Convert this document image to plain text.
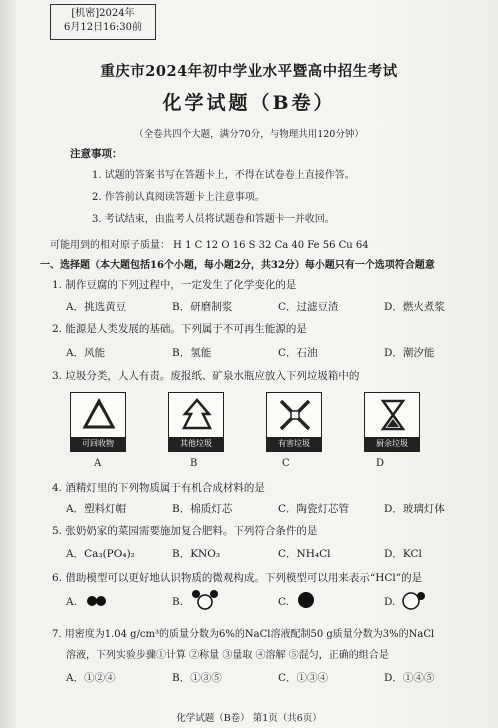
[机密]2024年
6月12日16:30前
重庆市2024年初中学业水平暨高中招生考试
化学试题（B卷）
（全卷共四个大题，满分70分，与物理共用120分钟）
注意事项：
1. 试题的答案书写在答题卡上，不得在试卷卷上直接作答。
2. 作答前认真阅读答题卡上注意事项。
3. 考试结束，由监考人员将试题卷和答题卡一并收回。
可能用到的相对原子质量： H 1 C 12 O 16 S 32 Ca 40 Fe 56 Cu 64
一、选择题（本大题包括16个小题，每小题2分，共32分）每小题只有一个选项符合题意
1. 制作豆腐的下列过程中，一定发生了化学变化的是
A．挑选黄豆	B．研磨制浆	C．过滤豆渣	D．燃火煮浆
2. 能源是人类发展的基础。下列属于不可再生能源的是
A．风能	B．氢能	C．石油	D．潮汐能
3. 垃圾分类，人人有责。废报纸、矿泉水瓶应放入下列垃圾箱中的
可回收物	其他垃圾	有害垃圾	厨余垃圾
A	B	C	D
4. 酒精灯里的下列物质属于有机合成材料的是
A．塑料灯帽	B．棉质灯芯	C．陶瓷灯芯管	D．玻璃灯体
5. 张奶奶家的菜园需要施加复合肥料。下列符合条件的是
A．Ca₃(PO₄)₂	B．KNO₃	C．NH₄Cl	D．KCl
6. 借助模型可以更好地认识物质的微观构成。下列模型可以用来表示“HCl”的是
A.	B.	C.	D.
7. 用密度为1.04 g/cm³的质量分数为6%的NaCl溶液配制50 g质量分数为3%的NaCl
溶液，下列实验步骤①计算 ②称量 ③量取 ④溶解 ⑤混匀，正确的组合是
A．①②④	B．①③⑤	C．①③④	D．①④⑤
化学试题（B卷） 第1页（共6页）
